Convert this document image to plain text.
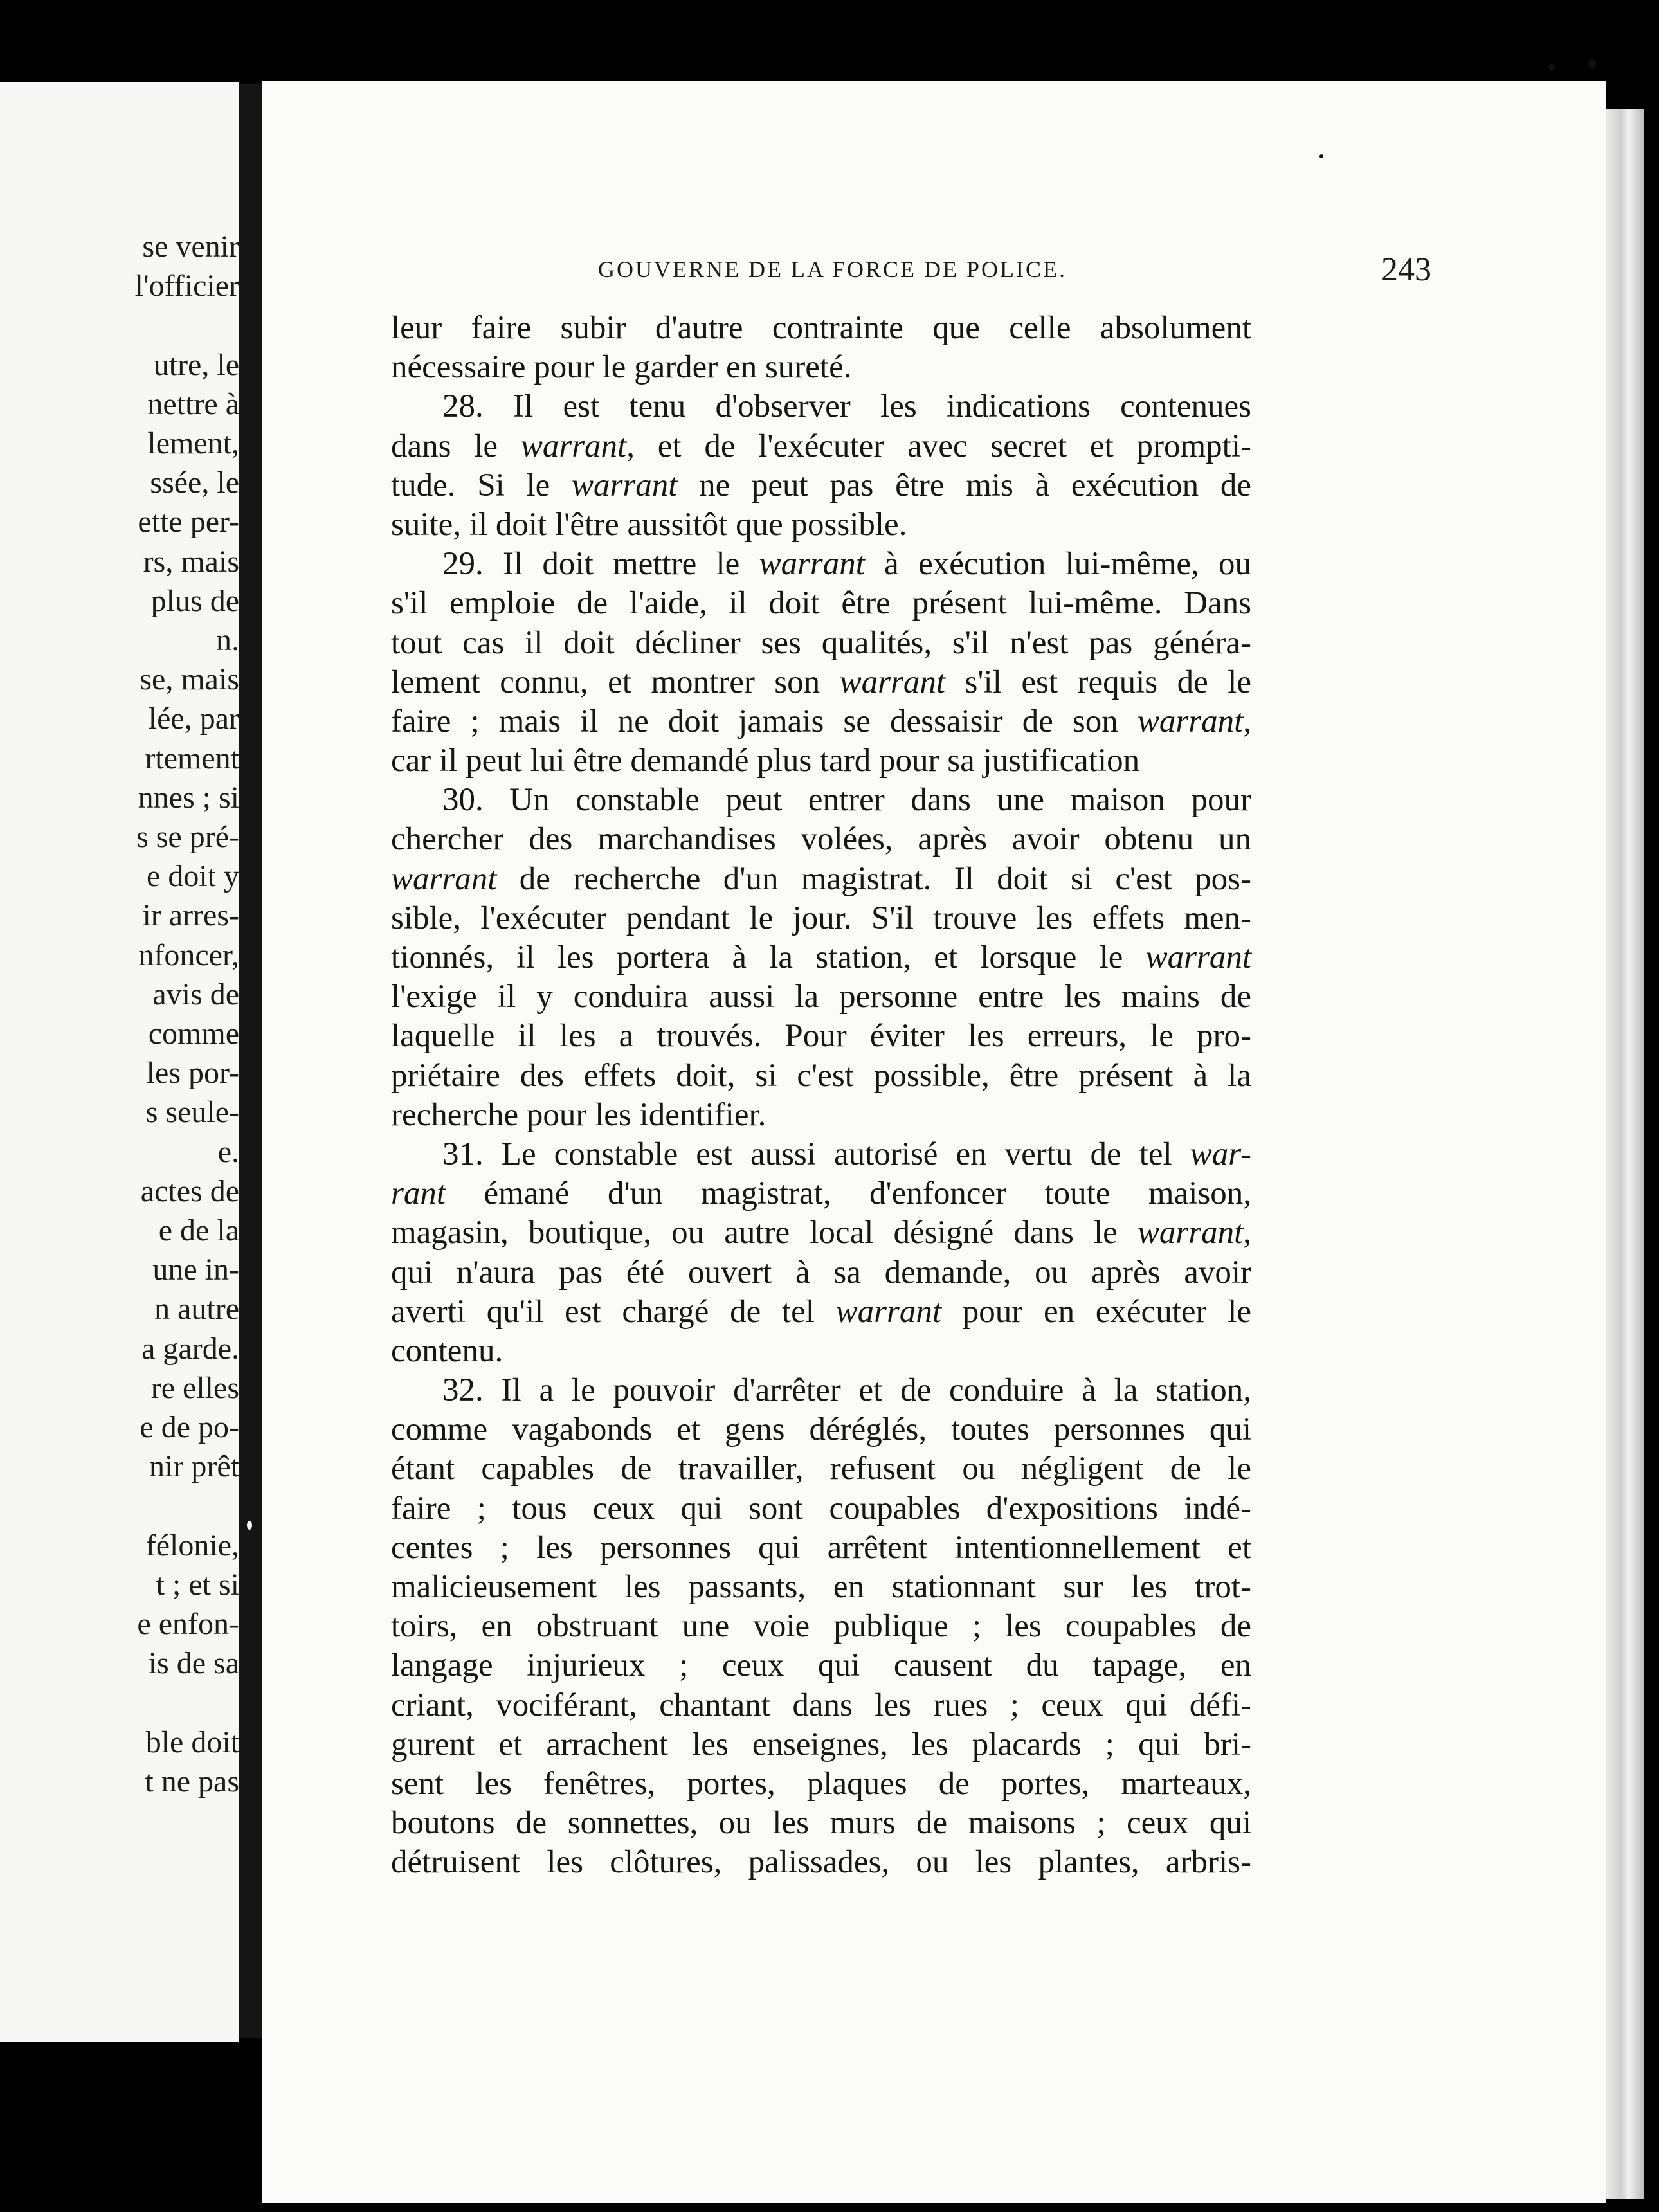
se venir
l'officier
utre, le
nettre à
lement,
ssée, le
ette per-
rs, mais
plus de
n.
se, mais
lée, par
rtement
nnes ; si
s se pré-
e doit y
ir arres-
nfoncer,
avis de
comme
les por-
s seule-
e.
actes de
e de la
une in-
n autre
a garde.
re elles
e de po-
nir prêt
félonie,
t ; et si
e enfon-
is de sa
ble doit
t ne pas
GOUVERNE DE LA FORCE DE POLICE.	243
leur faire subir d'autre contrainte que celle absolument
nécessaire pour le garder en sureté.
28. Il est tenu d'observer les indications contenues
dans le warrant, et de l'exécuter avec secret et prompti-
tude. Si le warrant ne peut pas être mis à exécution de
suite, il doit l'être aussitôt que possible.
29. Il doit mettre le warrant à exécution lui-même, ou
s'il emploie de l'aide, il doit être présent lui-même. Dans
tout cas il doit décliner ses qualités, s'il n'est pas généra-
lement connu, et montrer son warrant s'il est requis de le
faire ; mais il ne doit jamais se dessaisir de son warrant,
car il peut lui être demandé plus tard pour sa justification
30. Un constable peut entrer dans une maison pour
chercher des marchandises volées, après avoir obtenu un
warrant de recherche d'un magistrat. Il doit si c'est pos-
sible, l'exécuter pendant le jour. S'il trouve les effets men-
tionnés, il les portera à la station, et lorsque le warrant
l'exige il y conduira aussi la personne entre les mains de
laquelle il les a trouvés. Pour éviter les erreurs, le pro-
priétaire des effets doit, si c'est possible, être présent à la
recherche pour les identifier.
31. Le constable est aussi autorisé en vertu de tel war-
rant émané d'un magistrat, d'enfoncer toute maison,
magasin, boutique, ou autre local désigné dans le warrant,
qui n'aura pas été ouvert à sa demande, ou après avoir
averti qu'il est chargé de tel warrant pour en exécuter le
contenu.
32. Il a le pouvoir d'arrêter et de conduire à la station,
comme vagabonds et gens déréglés, toutes personnes qui
étant capables de travailler, refusent ou négligent de le
faire ; tous ceux qui sont coupables d'expositions indé-
centes ; les personnes qui arrêtent intentionnellement et
malicieusement les passants, en stationnant sur les trot-
toirs, en obstruant une voie publique ; les coupables de
langage injurieux ; ceux qui causent du tapage, en
criant, vociférant, chantant dans les rues ; ceux qui défi-
gurent et arrachent les enseignes, les placards ; qui bri-
sent les fenêtres, portes, plaques de portes, marteaux,
boutons de sonnettes, ou les murs de maisons ; ceux qui
détruisent les clôtures, palissades, ou les plantes, arbris-
